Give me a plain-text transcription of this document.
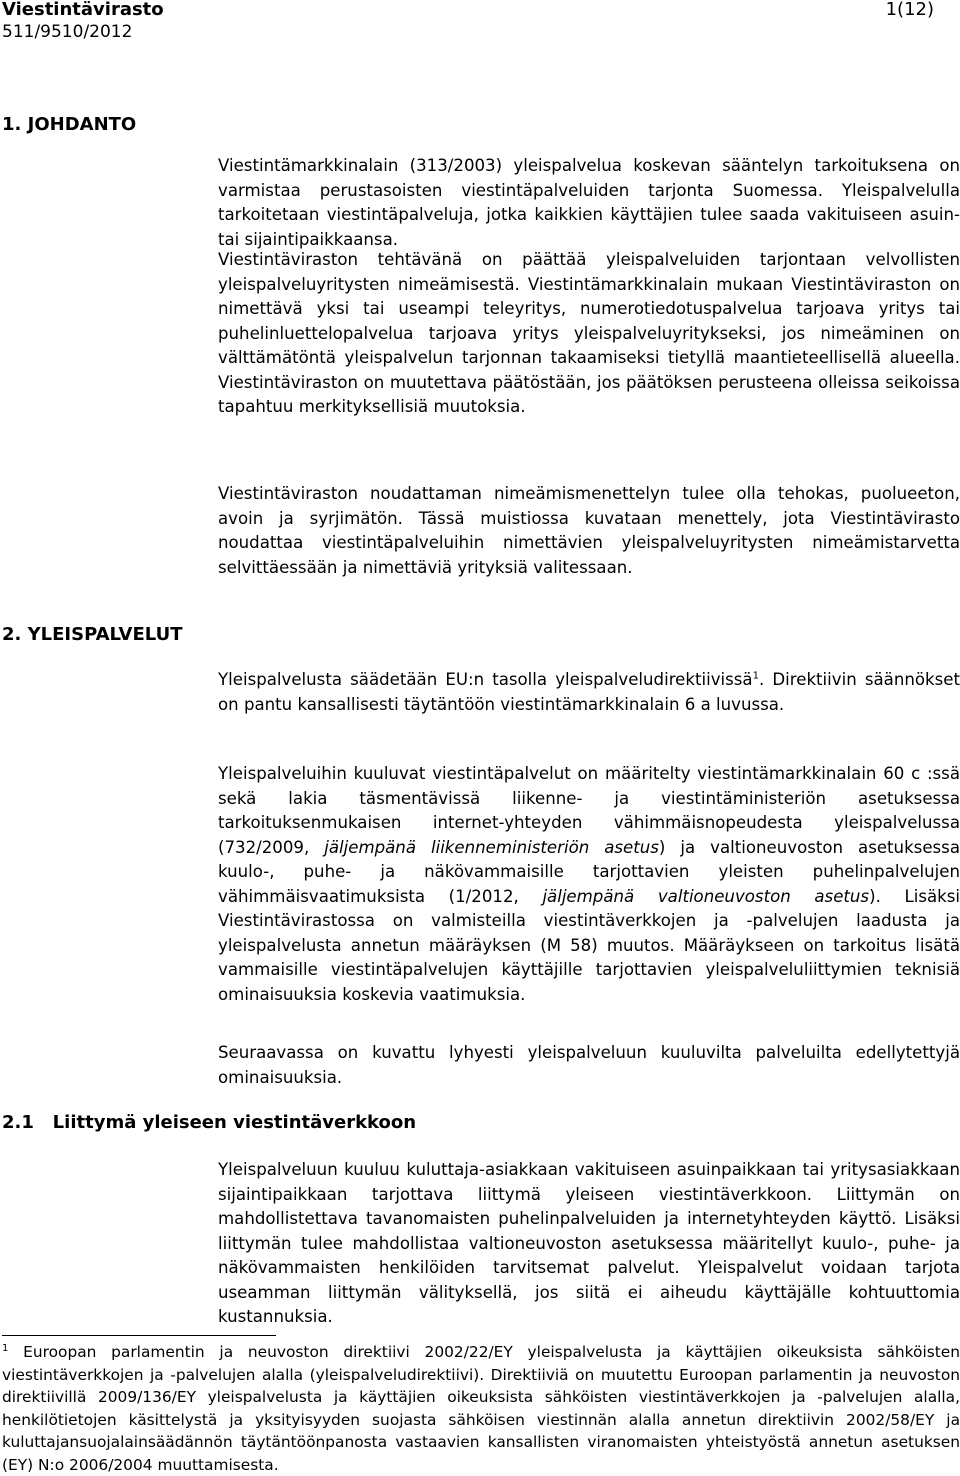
Viestintävirasto
511/9510/2012
1(12)
1. JOHDANTO
Viestintämarkkinalain (313/2003) yleispalvelua koskevan sääntelyn tarkoituksena on varmistaa perustasoisten viestintäpalveluiden tarjonta Suomessa. Yleispalvelulla tarkoitetaan viestintäpalveluja, jotka kaikkien käyttäjien tulee saada vakituiseen asuin- tai sijaintipaikkaansa.
Viestintäviraston tehtävänä on päättää yleispalveluiden tarjontaan velvollisten yleispalveluyritysten nimeämisestä. Viestintämarkkinalain mukaan Viestintäviraston on nimettävä yksi tai useampi teleyritys, numerotiedotuspalvelua tarjoava yritys tai puhelinluettelopalvelua tarjoava yritys yleispalveluyritykseksi, jos nimeäminen on välttämätöntä yleispalvelun tarjonnan takaamiseksi tietyllä maantieteellisellä alueella. Viestintäviraston on muutettava päätöstään, jos päätöksen perusteena olleissa seikoissa tapahtuu merkityksellisiä muutoksia.
Viestintäviraston noudattaman nimeämismenettelyn tulee olla tehokas, puolueeton, avoin ja syrjimätön. Tässä muistiossa kuvataan menettely, jota Viestintävirasto noudattaa viestintäpalveluihin nimettävien yleispalveluyritysten nimeämistarvetta selvittäessään ja nimettäviä yrityksiä valitessaan.
2. YLEISPALVELUT
Yleispalvelusta säädetään EU:n tasolla yleispalveludirektiivissä$^1$. Direktiivin säännökset on pantu kansallisesti täytäntöön viestintämarkkinalain 6 a luvussa.
Yleispalveluihin kuuluvat viestintäpalvelut on määritelty viestintämarkkinalain 60 c :ssä sekä lakia täsmentävissä liikenne- ja viestintäministeriön asetuksessa tarkoituksenmukaisen internet-yhteyden vähimmäisnopeudesta yleispalvelussa (732/2009, jäljempänä liikenneministeriön asetus) ja valtioneuvoston asetuksessa kuulo-, puhe- ja näkövammaisille tarjottavien yleisten puhelinpalvelujen vähimmäisvaatimuksista (1/2012, jäljempänä valtioneuvoston asetus). Lisäksi Viestintävirastossa on valmisteilla viestintäverkkojen ja -palvelujen laadusta ja yleispalvelusta annetun määräyksen (M 58) muutos. Määräykseen on tarkoitus lisätä vammaisille viestintäpalvelujen käyttäjille tarjottavien yleispalveluliittymien teknisiä ominaisuuksia koskevia vaatimuksia.
Seuraavassa on kuvattu lyhyesti yleispalveluun kuuluvilta palveluilta edellytettyjä ominaisuuksia.
2.1   Liittymä yleiseen viestintäverkkoon
Yleispalveluun kuuluu kuluttaja-asiakkaan vakituiseen asuinpaikkaan tai yritysasiakkaan sijaintipaikkaan tarjottava liittymä yleiseen viestintäverkkoon. Liittymän on mahdollistettava tavanomaisten puhelinpalveluiden ja internetyhteyden käyttö. Lisäksi liittymän tulee mahdollistaa valtioneuvoston asetuksessa määritellyt kuulo-, puhe- ja näkövammaisten henkilöiden tarvitsemat palvelut. Yleispalvelut voidaan tarjota useamman liittymän välityksellä, jos siitä ei aiheudu käyttäjälle kohtuuttomia kustannuksia.
$^1$ Euroopan parlamentin ja neuvoston direktiivi 2002/22/EY yleispalvelusta ja käyttäjien oikeuksista sähköisten viestintäverkkojen ja -palvelujen alalla (yleispalveludirektiivi). Direktiiviä on muutettu Euroopan parlamentin ja neuvoston direktiivillä 2009/136/EY yleispalvelusta ja käyttäjien oikeuksista sähköisten viestintäverkkojen ja -palvelujen alalla, henkilötietojen käsittelystä ja yksityisyyden suojasta sähköisen viestinnän alalla annetun direktiivin 2002/58/EY ja kuluttajansuojalainsäädännön täytäntöönpanosta vastaavien kansallisten viranomaisten yhteistyöstä annetun asetuksen (EY) N:o 2006/2004 muuttamisesta.
